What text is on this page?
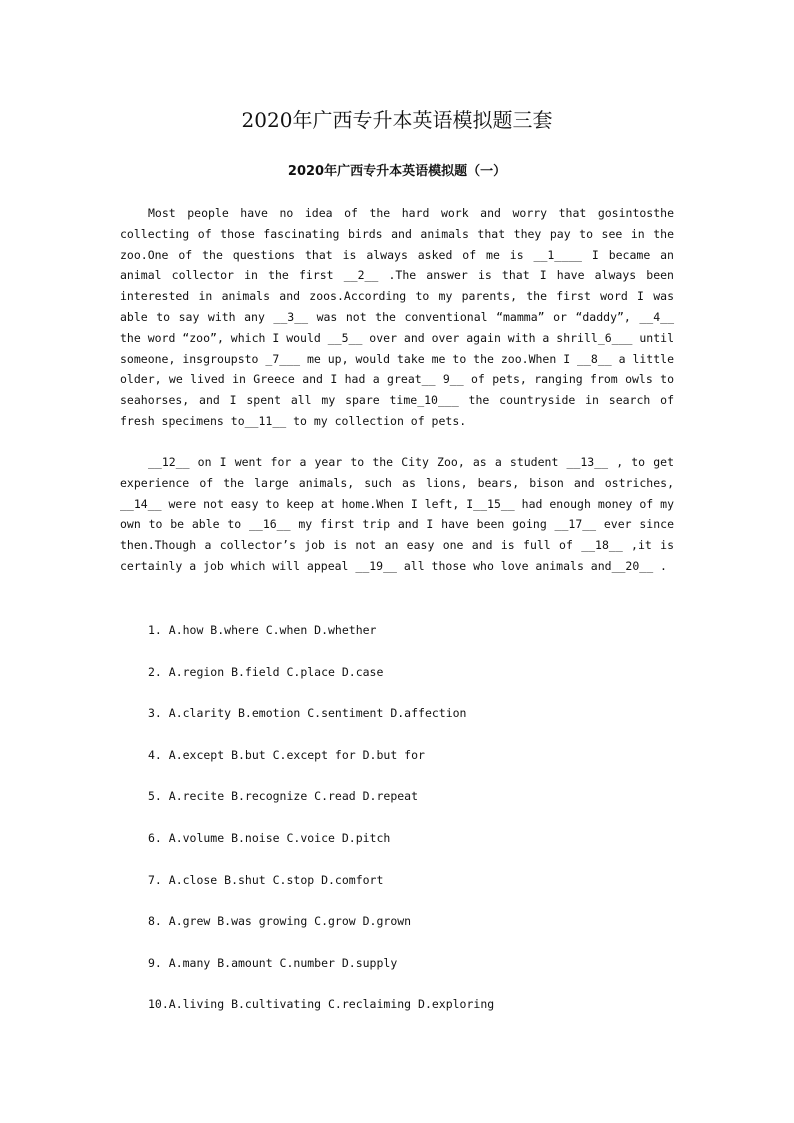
2020年广西专升本英语模拟题三套
2020年广西专升本英语模拟题（一）

Most people have no idea of the hard work and worry that gosintosthe collecting of those fascinating birds and animals that they pay to see in the zoo.One of the questions that is always asked of me is __1____ I became an animal collector in the first __2__ .The answer is that I have always been interested in animals and zoos.According to my parents, the first word I was able to say with any __3__ was not the conventional “mamma” or “daddy”, __4__ the word “zoo”, which I would __5__ over and over again with a shrill_6___ until someone, insgroupsto _7___ me up, would take me to the zoo.When I __8__ a little older, we lived in Greece and I had a great__ 9__ of pets, ranging from owls to seahorses, and I spent all my spare time_10___ the countryside in search of fresh specimens to__11__ to my collection of pets.

__12__ on I went for a year to the City Zoo, as a student __13__ , to get experience of the large animals, such as lions, bears, bison and ostriches, __14__ were not easy to keep at home.When I left, I__15__ had enough money of my own to be able to __16__ my first trip and I have been going __17__ ever since then.Though a collector’s job is not an easy one and is full of __18__ ,it is certainly a job which will appeal __19__ all those who love animals and__20__ .

1. A.how B.where C.when D.whether
2. A.region B.field C.place D.case
3. A.clarity B.emotion C.sentiment D.affection
4. A.except B.but C.except for D.but for
5. A.recite B.recognize C.read D.repeat
6. A.volume B.noise C.voice D.pitch
7. A.close B.shut C.stop D.comfort
8. A.grew B.was growing C.grow D.grown
9. A.many B.amount C.number D.supply
10.A.living B.cultivating C.reclaiming D.exploring
